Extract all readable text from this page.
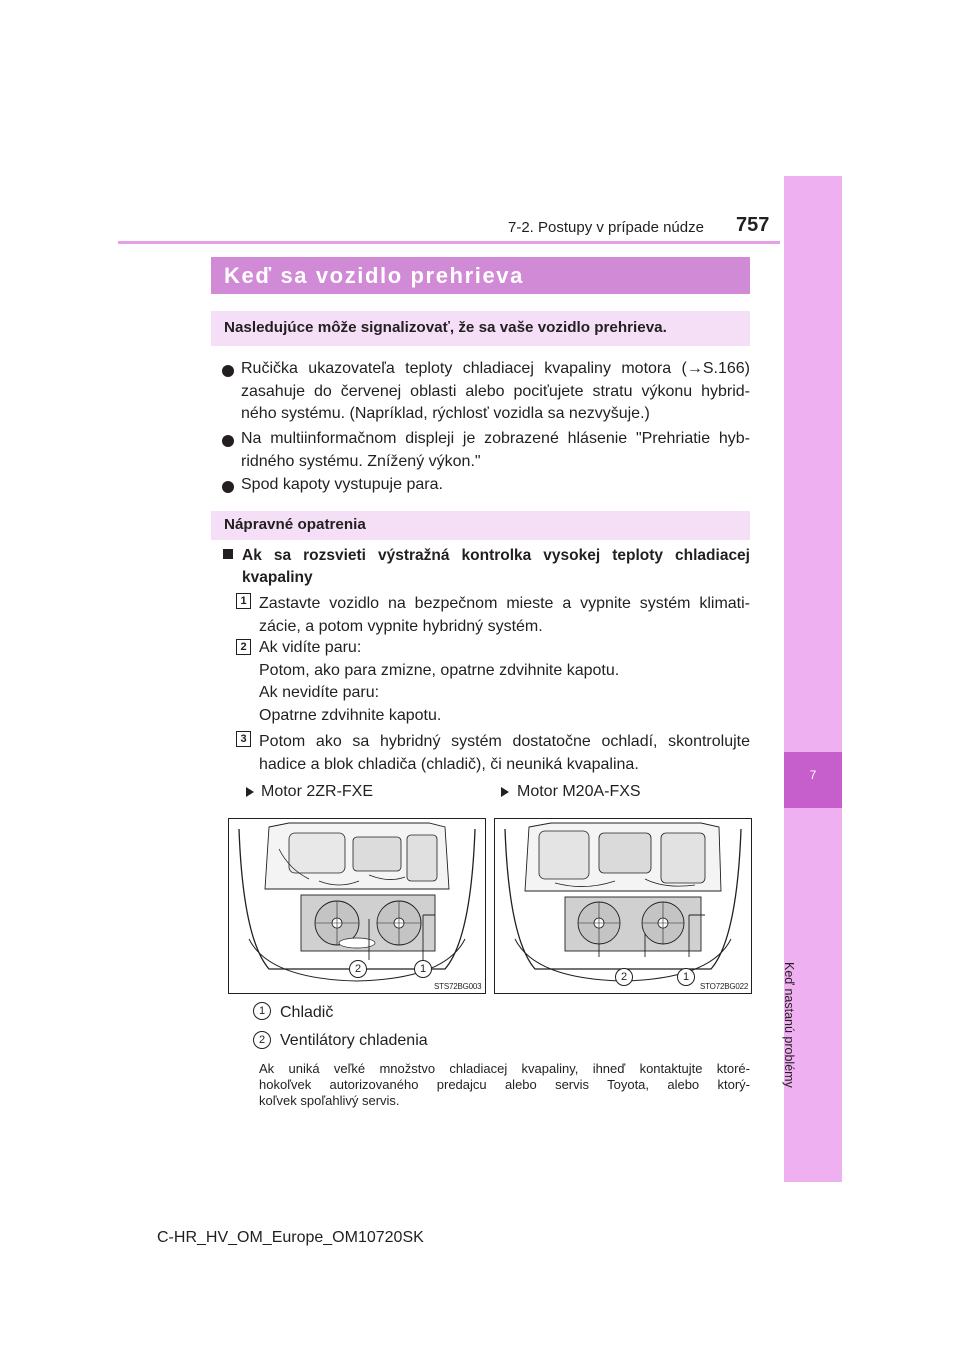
7-2. Postupy v prípade núdze 757
7
Keď nastanú problémy
Keď sa vozidlo prehrieva
Nasledujúce môže signalizovať, že sa vaše vozidlo prehrieva.
Ručička ukazovateľa teploty chladiacej kvapaliny motora (→S.166)
zasahuje do červenej oblasti alebo pociťujete stratu výkonu hybrid-
ného systému. (Napríklad, rýchlosť vozidla sa nezvyšuje.)
Na multiinformačnom displeji je zobrazené hlásenie "Prehriatie hyb-
ridného systému. Znížený výkon."
Spod kapoty vystupuje para.
Nápravné opatrenia
Ak sa rozsvieti výstražná kontrolka vysokej teploty chladiacej
kvapaliny
1 Zastavte vozidlo na bezpečnom mieste a vypnite systém klimati-
zácie, a potom vypnite hybridný systém.
2 Ak vidíte paru:
Potom, ako para zmizne, opatrne zdvihnite kapotu.
Ak nevidíte paru:
Opatrne zdvihnite kapotu.
3 Potom ako sa hybridný systém dostatočne ochladí, skontrolujte
hadice a blok chladiča (chladič), či neuniká kvapalina.
Motor 2ZR-FXE	Motor M20A-FXS
2	1
STS72BG003
2	1
STO72BG022
1 Chladič
2 Ventilátory chladenia
Ak uniká veľké množstvo chladiacej kvapaliny, ihneď kontaktujte ktoré-
hokoľvek autorizovaného predajcu alebo servis Toyota, alebo ktorý-
koľvek spoľahlivý servis.
C-HR_HV_OM_Europe_OM10720SK
